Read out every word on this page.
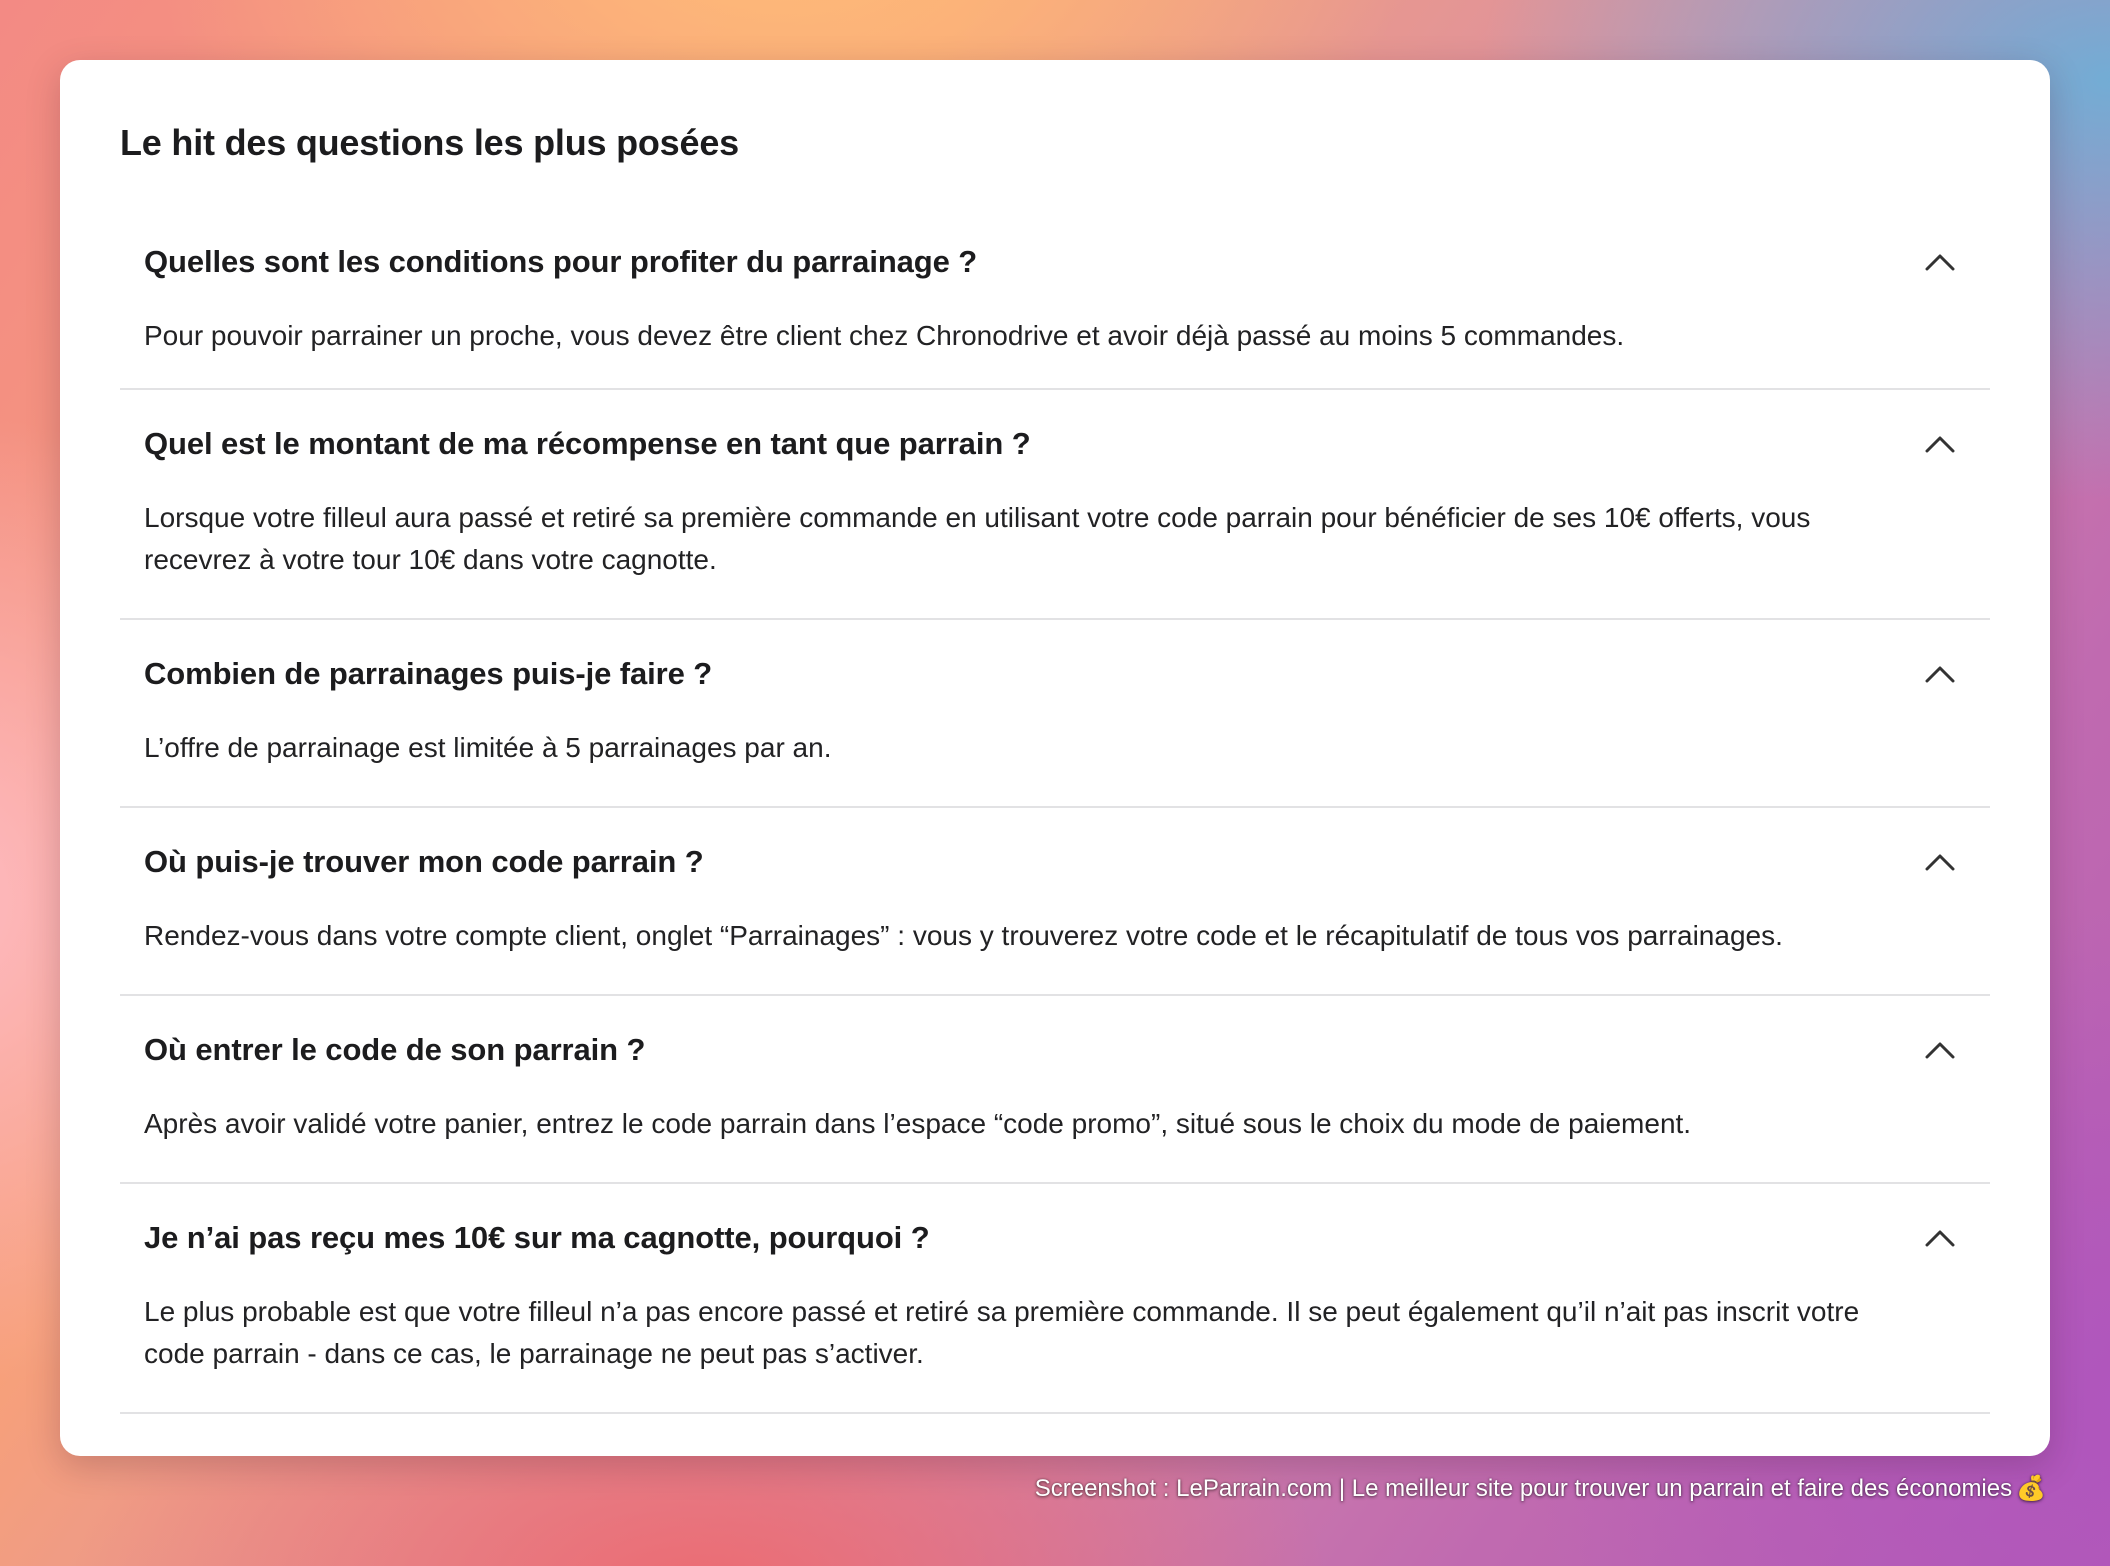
Le hit des questions les plus posées
Quelles sont les conditions pour profiter du parrainage ?
Pour pouvoir parrainer un proche, vous devez être client chez Chronodrive et avoir déjà passé au moins 5 commandes.
Quel est le montant de ma récompense en tant que parrain ?
Lorsque votre filleul aura passé et retiré sa première commande en utilisant votre code parrain pour bénéficier de ses 10€ offerts, vous recevrez à votre tour 10€ dans votre cagnotte.
Combien de parrainages puis-je faire ?
L’offre de parrainage est limitée à 5 parrainages par an.
Où puis-je trouver mon code parrain ?
Rendez-vous dans votre compte client, onglet “Parrainages” : vous y trouverez votre code et le récapitulatif de tous vos parrainages.
Où entrer le code de son parrain ?
Après avoir validé votre panier, entrez le code parrain dans l’espace “code promo”, situé sous le choix du mode de paiement.
Je n’ai pas reçu mes 10€ sur ma cagnotte, pourquoi ?
Le plus probable est que votre filleul n’a pas encore passé et retiré sa première commande. Il se peut également qu’il n’ait pas inscrit votre code parrain - dans ce cas, le parrainage ne peut pas s’activer.
Screenshot : LeParrain.com | Le meilleur site pour trouver un parrain et faire des économies 💰
